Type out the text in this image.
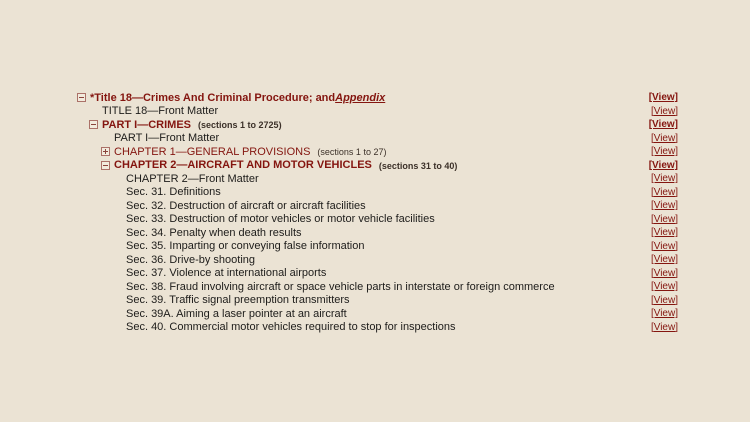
*Title 18—Crimes And Criminal Procedure; and Appendix	[View]
TITLE 18—Front Matter	[View]
PART I—CRIMES (sections 1 to 2725)	[View]
PART I—Front Matter	[View]
CHAPTER 1—GENERAL PROVISIONS (sections 1 to 27)	[View]
CHAPTER 2—AIRCRAFT AND MOTOR VEHICLES (sections 31 to 40)	[View]
CHAPTER 2—Front Matter	[View]
Sec. 31. Definitions	[View]
Sec. 32. Destruction of aircraft or aircraft facilities	[View]
Sec. 33. Destruction of motor vehicles or motor vehicle facilities	[View]
Sec. 34. Penalty when death results	[View]
Sec. 35. Imparting or conveying false information	[View]
Sec. 36. Drive-by shooting	[View]
Sec. 37. Violence at international airports	[View]
Sec. 38. Fraud involving aircraft or space vehicle parts in interstate or foreign commerce	[View]
Sec. 39. Traffic signal preemption transmitters	[View]
Sec. 39A. Aiming a laser pointer at an aircraft	[View]
Sec. 40. Commercial motor vehicles required to stop for inspections	[View]
